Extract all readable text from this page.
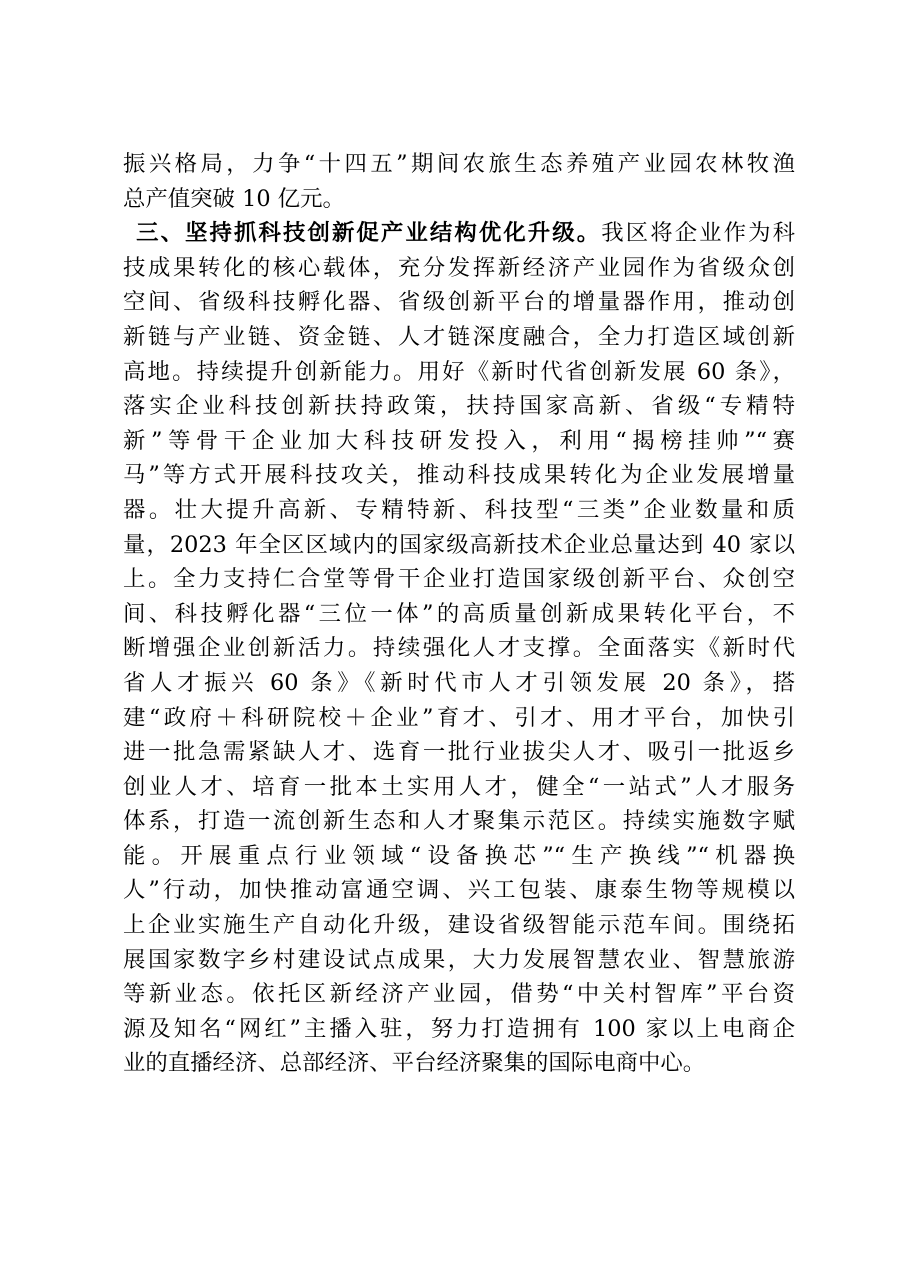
振兴格局，力争“十四五”期间农旅生态养殖产业园农林牧渔
总产值突破 10 亿元。
三、坚持抓科技创新促产业结构优化升级。我区将企业作为科
技成果转化的核心载体，充分发挥新经济产业园作为省级众创
空间、省级科技孵化器、省级创新平台的增量器作用，推动创
新链与产业链、资金链、人才链深度融合，全力打造区域创新
高地。持续提升创新能力。用好《新时代省创新发展 60 条》，
落实企业科技创新扶持政策，扶持国家高新、省级“专精特
新”等骨干企业加大科技研发投入，利用“揭榜挂帅”“赛
马”等方式开展科技攻关，推动科技成果转化为企业发展增量
器。壮大提升高新、专精特新、科技型“三类”企业数量和质
量，2023 年全区区域内的国家级高新技术企业总量达到 40 家以
上。全力支持仁合堂等骨干企业打造国家级创新平台、众创空
间、科技孵化器“三位一体”的高质量创新成果转化平台，不
断增强企业创新活力。持续强化人才支撑。全面落实《新时代
省人才振兴 60 条》《新时代市人才引领发展 20 条》，搭
建“政府＋科研院校＋企业”育才、引才、用才平台，加快引
进一批急需紧缺人才、选育一批行业拔尖人才、吸引一批返乡
创业人才、培育一批本土实用人才，健全“一站式”人才服务
体系，打造一流创新生态和人才聚集示范区。持续实施数字赋
能。开展重点行业领域“设备换芯”“生产换线”“机器换
人”行动，加快推动富通空调、兴工包装、康泰生物等规模以
上企业实施生产自动化升级，建设省级智能示范车间。围绕拓
展国家数字乡村建设试点成果，大力发展智慧农业、智慧旅游
等新业态。依托区新经济产业园，借势“中关村智库”平台资
源及知名“网红”主播入驻，努力打造拥有 100 家以上电商企
业的直播经济、总部经济、平台经济聚集的国际电商中心。
